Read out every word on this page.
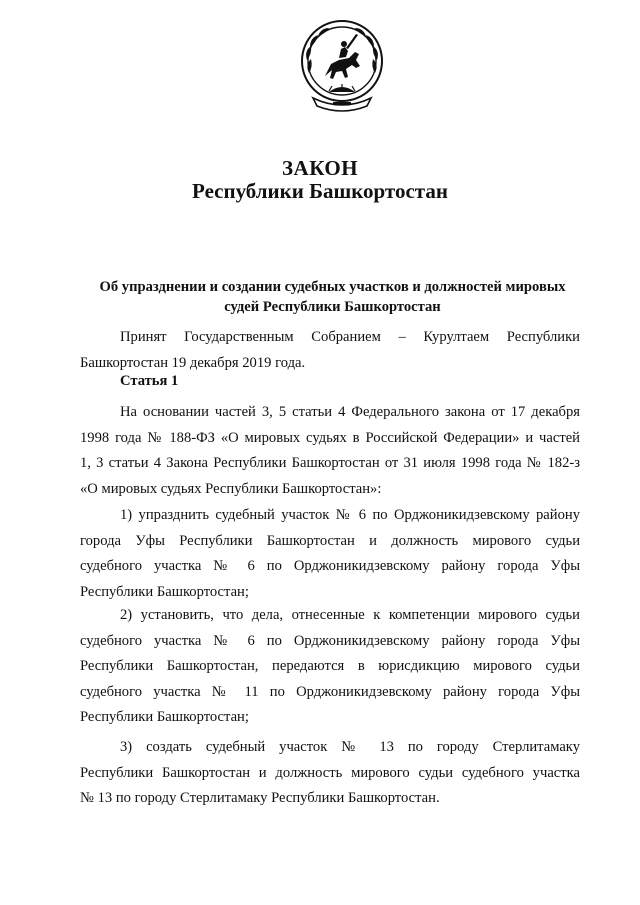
ЗАКОН
Республики Башкортостан
Об упразднении и создании судебных участков и должностей мировых
судей Республики Башкортостан
Принят Государственным Собранием – Курултаем Республики
Башкортостан 19 декабря 2019 года.
Статья 1
На основании частей 3, 5 статьи 4 Федерального закона от 17 декабря
1998 года № 188-ФЗ «О мировых судьях в Российской Федерации» и частей
1, 3 статьи 4 Закона Республики Башкортостан от 31 июля 1998 года № 182-з
«О мировых судьях Республики Башкортостан»:
1) упразднить судебный участок № 6 по Орджоникидзевскому району
города Уфы Республики Башкортостан и должность мирового судьи
судебного участка № 6 по Орджоникидзевскому району города Уфы
Республики Башкортостан;
2) установить, что дела, отнесенные к компетенции мирового судьи
судебного участка № 6 по Орджоникидзевскому району города Уфы
Республики Башкортостан, передаются в юрисдикцию мирового судьи
судебного участка № 11 по Орджоникидзевскому району города Уфы
Республики Башкортостан;
3) создать судебный участок № 13 по городу Стерлитамаку
Республики Башкортостан и должность мирового судьи судебного участка
№ 13 по городу Стерлитамаку Республики Башкортостан.
